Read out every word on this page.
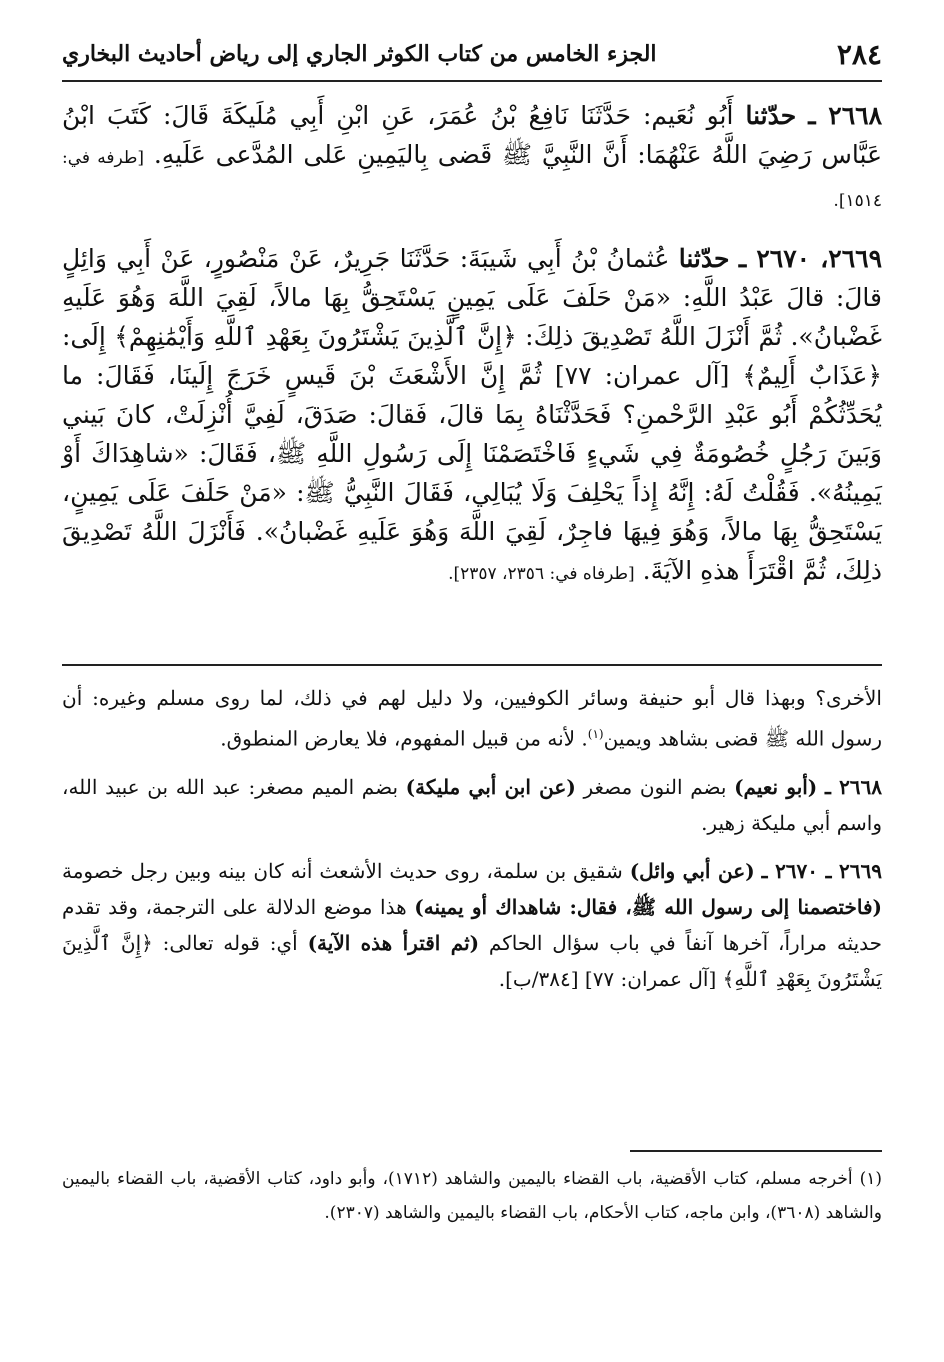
٢٨٤
الجزء الخامس من كتاب الكوثر الجاري إلى رياض أحاديث البخاري

٢٦٦٨ ـ حدّثنا أَبُو نُعَيم: حَدَّثَنَا نَافِعُ بْنُ عُمَرَ، عَنِ ابْنِ أَبِي مُلَيكَةَ قَالَ: كَتَبَ ابْنُ عَبَّاس رَضِيَ اللَّهُ عَنْهُمَا: أَنَّ النَّبِيَّ ﷺ قَضى بِاليَمِينِ عَلى المُدَّعى عَلَيهِ. [طرفه في: ١٥١٤].

٢٦٦٩، ٢٦٧٠ ـ حدّثنا عُثمانُ بْنُ أَبِي شَيبَةَ: حَدَّثَنَا جَرِيرٌ، عَنْ مَنْصُورٍ، عَنْ أَبِي وَائِلٍ قالَ: قالَ عَبْدُ اللَّهِ: «مَنْ حَلَفَ عَلَى يَمِينٍ يَسْتَحِقُّ بِهَا مالاً، لَقِيَ اللَّهَ وَهُوَ عَلَيهِ غَضْبانُ». ثُمَّ أَنْزَلَ اللَّهُ تَصْدِيقَ ذلِكَ: ﴿إِنَّ ٱلَّذِينَ يَشْتَرُونَ بِعَهْدِ ٱللَّهِ وَأَيْمَٰنِهِمْ﴾ إِلَى: ﴿عَذَابٌ أَلِيمٌ﴾ [آل عمران: ٧٧] ثُمَّ إِنَّ الأَشْعَثَ بْنَ قَيسٍ خَرَجَ إِلَينَا، فَقَالَ: ما يُحَدِّثُكُمْ أَبُو عَبْدِ الرَّحْمنِ؟ فَحَدَّثْنَاهُ بِمَا قالَ، فَقالَ: صَدَقَ، لَفِيَّ أُنْزِلَتْ، كانَ بَيني وَبَينَ رَجُلٍ خُصُومَةٌ فِي شَيءٍ فَاخْتَصَمْنَا إِلَى رَسُولِ اللَّهِ ﷺ، فَقَالَ: «شاهِدَاكَ أَوْ يَمِينُهُ». فَقُلْتُ لَهُ: إِنَّهُ إِذاً يَحْلِفَ وَلَا يُبَالِي، فَقَالَ النَّبِيُّ ﷺ: «مَنْ حَلَفَ عَلَى يَمِينٍ، يَسْتَحِقُّ بِهَا مالاً، وَهُوَ فِيهَا فاجِرٌ، لَقِيَ اللَّهَ وَهُوَ عَلَيهِ غَضْبانُ». فَأَنْزَلَ اللَّهُ تَصْدِيقَ ذلِكَ، ثُمَّ اقْتَرَأَ هذهِ الآيَةَ. [طرفاه في: ٢٣٥٦، ٢٣٥٧].

الأخرى؟ وبهذا قال أبو حنيفة وسائر الكوفيين، ولا دليل لهم في ذلك، لما روى مسلم وغيره: أن رسول الله ﷺ قضى بشاهد ويمين$^{(١)}$. لأنه من قبيل المفهوم، فلا يعارض المنطوق.

٢٦٦٨ ـ (أبو نعيم) بضم النون مصغر (عن ابن أبي مليكة) بضم الميم مصغر: عبد الله بن عبيد الله، واسم أبي مليكة زهير.

٢٦٦٩ ـ ٢٦٧٠ ـ (عن أبي وائل) شقيق بن سلمة، روى حديث الأشعث أنه كان بينه وبين رجل خصومة (فاختصمنا إلى رسول الله ﷺ، فقال: شاهداك أو يمينه) هذا موضع الدلالة على الترجمة، وقد تقدم حديثه مراراً، آخرها آنفاً في باب سؤال الحاكم (ثم اقترأ هذه الآية) أي: قوله تعالى: ﴿إِنَّ ٱلَّذِينَ يَشْتَرُونَ بِعَهْدِ ٱللَّهِ﴾ [آل عمران: ٧٧] [٣٨٤/ب].

(١) أخرجه مسلم، كتاب الأقضية، باب القضاء باليمين والشاهد (١٧١٢)، وأبو داود، كتاب الأقضية، باب القضاء باليمين والشاهد (٣٦٠٨)، وابن ماجه، كتاب الأحكام، باب القضاء باليمين والشاهد (٢٣٠٧).
